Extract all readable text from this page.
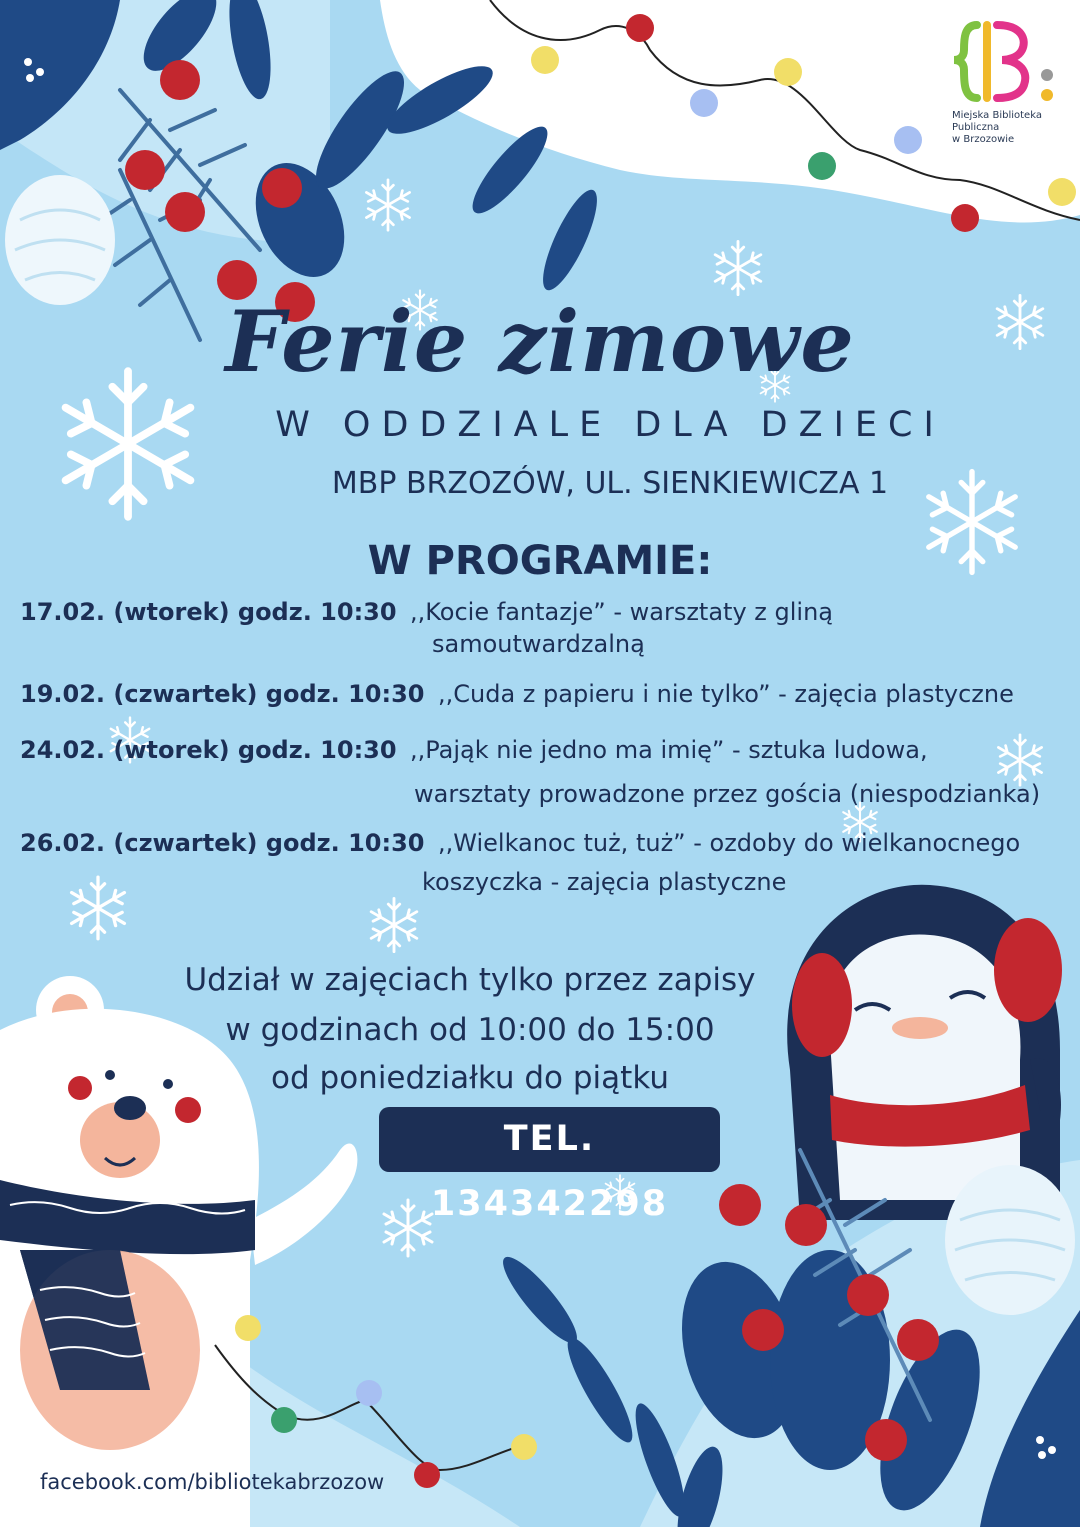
Miejska Biblioteka
Publiczna
w Brzozowie
Ferie zimowe
W ODDZIALE DLA DZIECI
MBP BRZOZÓW, UL. SIENKIEWICZA 1
W PROGRAMIE:
17.02. (wtorek) godz. 10:30 ,,Kocie fantazje” - warsztaty z gliną
samoutwardzalną
19.02. (czwartek) godz. 10:30 ,,Cuda z papieru i nie tylko” - zajęcia plastyczne
24.02. (wtorek) godz. 10:30 ,,Pająk nie jedno ma imię” - sztuka ludowa,
warsztaty prowadzone przez gościa (niespodzianka)
26.02. (czwartek) godz. 10:30 ,,Wielkanoc tuż, tuż” - ozdoby do wielkanocnego
koszyczka - zajęcia plastyczne
Udział w zajęciach tylko przez zapisy
w godzinach od 10:00 do 15:00
od poniedziałku do piątku
TEL. 134342298
facebook.com/bibliotekabrzozow
